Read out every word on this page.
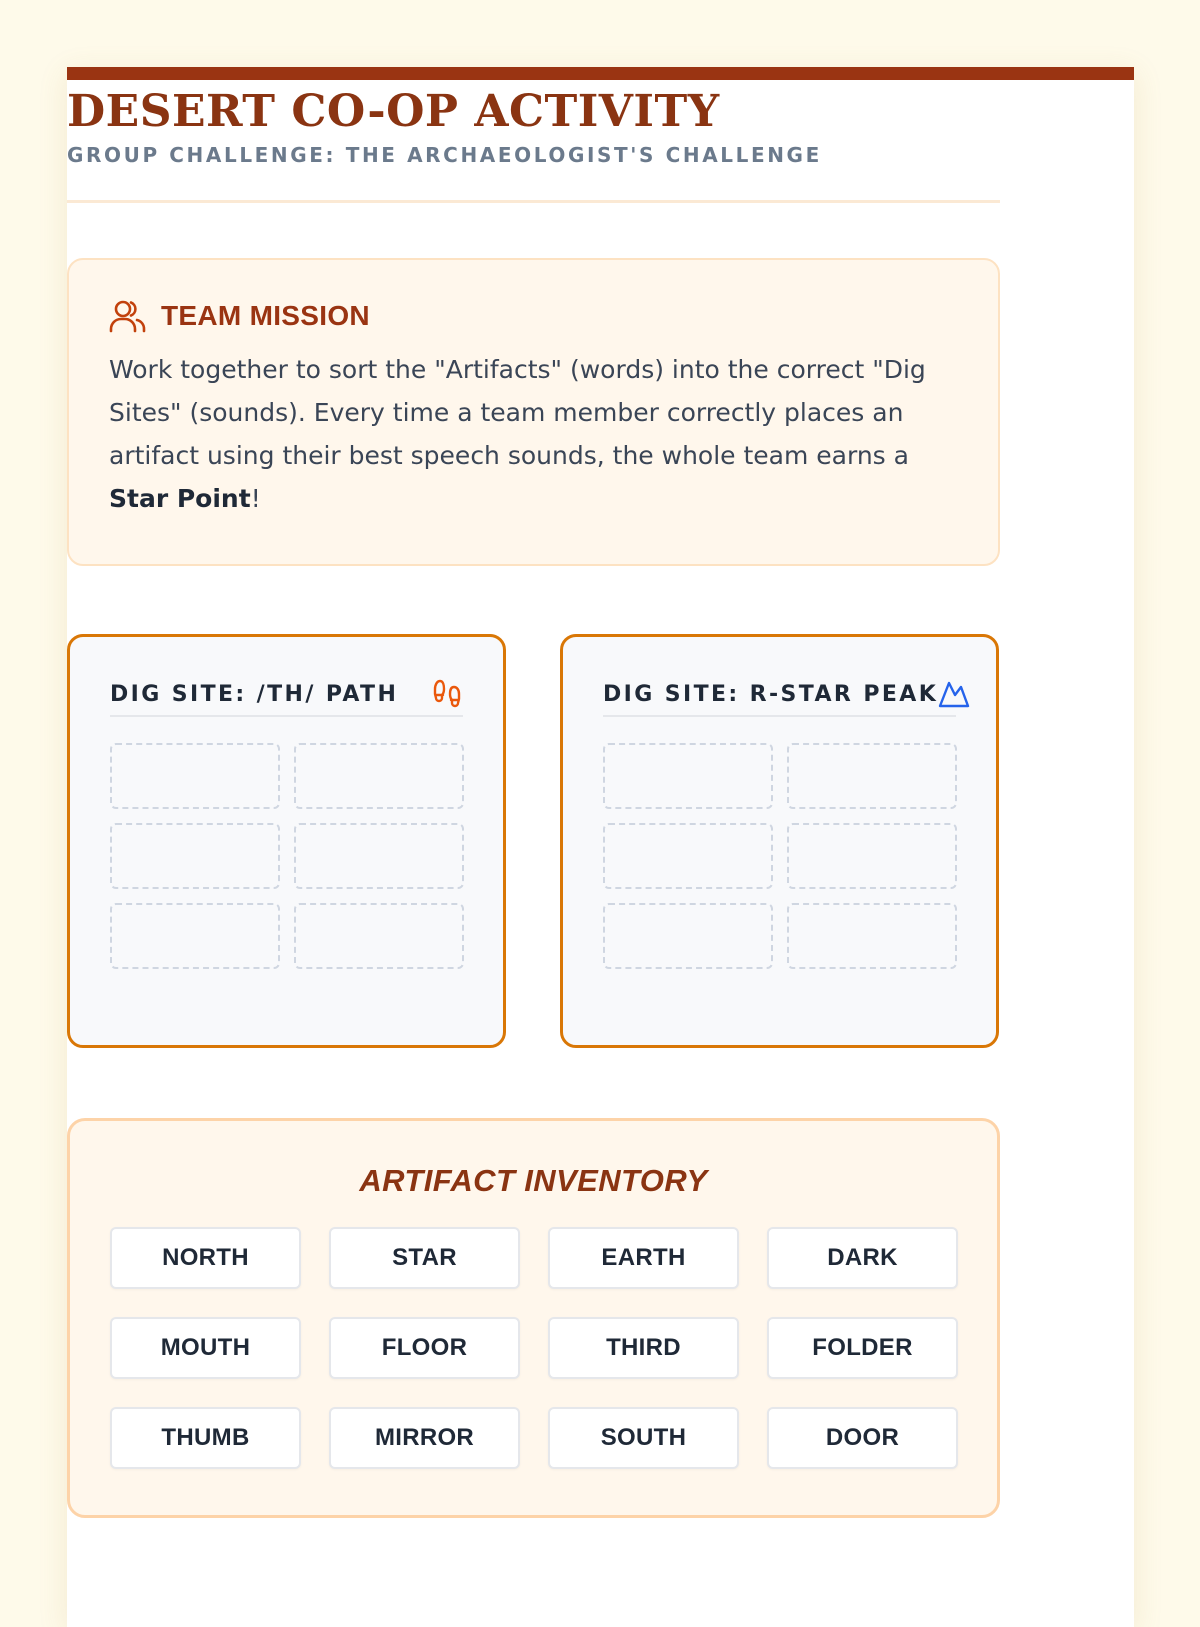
DESERT CO-OP ACTIVITY
GROUP CHALLENGE: THE ARCHAEOLOGIST'S CHALLENGE
TEAM MISSION

Work together to sort the "Artifacts" (words) into the correct "Dig Sites" (sounds). Every time a team member correctly places an artifact using their best speech sounds, the whole team earns a Star Point!

DIG SITE: /TH/ PATH	DIG SITE: R-STAR PEAK
ARTIFACT INVENTORY
NORTH	STAR	EARTH	DARK
MOUTH	FLOOR	THIRD	FOLDER
THUMB	MIRROR	SOUTH	DOOR
